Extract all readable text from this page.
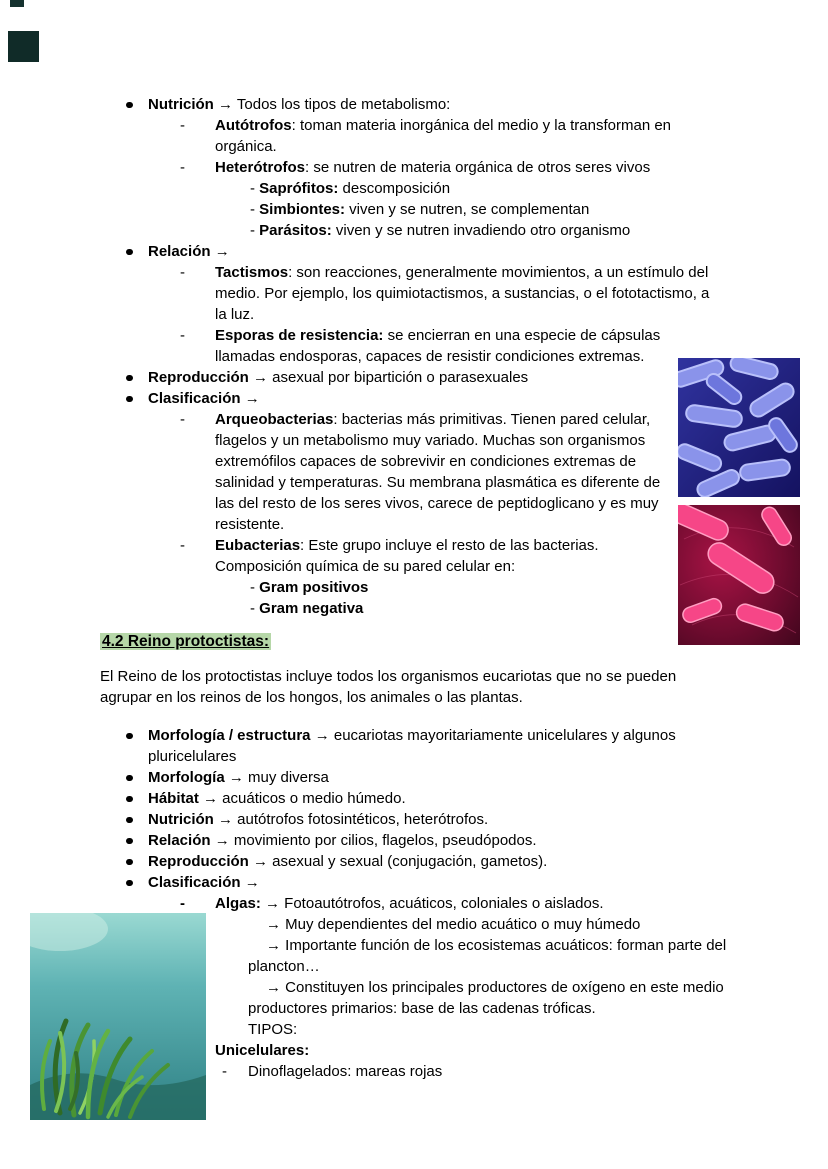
Nutrición → Todos los tipos de metabolismo:
-	Autótrofos: toman materia inorgánica del medio y la transforman en orgánica.
-	Heterótrofos: se nutren de materia orgánica de otros seres vivos
- Saprófitos: descomposición
- Simbiontes: viven y se nutren, se complementan
- Parásitos: viven y se nutren invadiendo otro organismo
Relación →
-	Tactismos: son reacciones, generalmente movimientos, a un estímulo del medio. Por ejemplo, los quimiotactismos, a sustancias, o el fototactismo, a la luz.
-	Esporas de resistencia: se encierran en una especie de cápsulas llamadas endosporas, capaces de resistir condiciones extremas.
Reproducción → asexual por bipartición o parasexuales
Clasificación →
-	Arqueobacterias: bacterias más primitivas. Tienen pared celular, flagelos y un metabolismo muy variado. Muchas son organismos extremófilos capaces de sobrevivir en condiciones extremas de salinidad y temperaturas. Su membrana plasmática es diferente de las del resto de los seres vivos, carece de peptidoglicano y es muy resistente.
-	Eubacterias: Este grupo incluye el resto de las bacterias.
Composición química de su pared celular en:
- Gram positivos
- Gram negativa
4.2 Reino protoctistas:
El Reino de los protoctistas incluye todos los organismos eucariotas que no se pueden agrupar en los reinos de los hongos, los animales o las plantas.
Morfología / estructura → eucariotas mayoritariamente unicelulares y algunos pluricelulares
Morfología → muy diversa
Hábitat → acuáticos o medio húmedo.
Nutrición → autótrofos fotosintéticos, heterótrofos.
Relación → movimiento por cilios, flagelos, pseudópodos.
Reproducción → asexual y sexual (conjugación, gametos).
Clasificación →
-	Algas: → Fotoautótrofos, acuáticos, coloniales o aislados.
→ Muy dependientes del medio acuático o muy húmedo
→ Importante función de los ecosistemas acuáticos: forman parte del plancton…
→ Constituyen los principales productores de oxígeno en este medio productores primarios: base de las cadenas tróficas.
TIPOS:
Unicelulares:
-	Dinoflagelados: mareas rojas
